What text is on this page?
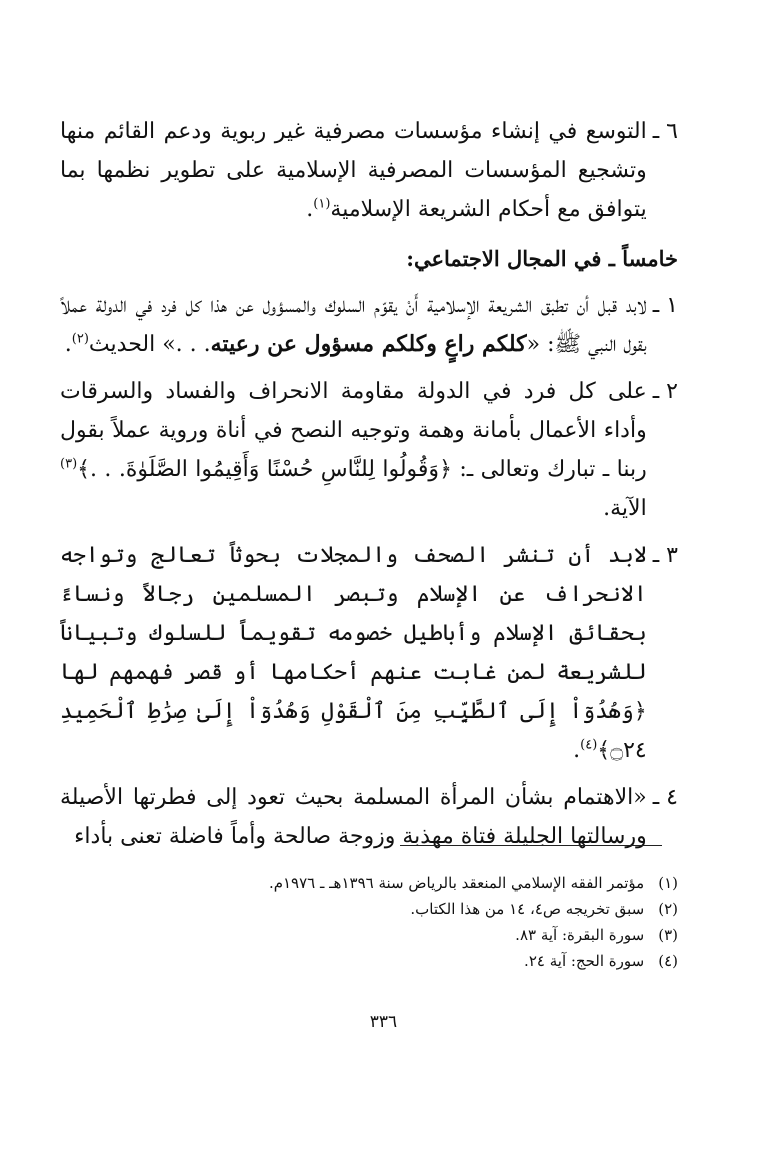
٦ ـ

التوسع في إنشاء مؤسسات مصرفية غير ربوية ودعم القائم منها وتشجيع المؤسسات المصرفية الإسلامية على تطوير نظمها بما يتوافق مع أحكام الشريعة الإسلامية$^{(١)}$.

خامساً ـ في المجال الاجتماعي:
١ ـ

لابد قبل أن تطبق الشريعة الإسلامية أَنْ يقوّم السلوك والمسؤول عن هذا كل فرد في الدولة عملاً بقول النبي ﷺ: «كلكم راعٍ وكلكم مسؤول عن رعيته. . .» الحديث$^{(٢)}$.

٢ ـ

على كل فرد في الدولة مقاومة الانحراف والفساد والسرقات وأداء الأعمال بأمانة وهمة وتوجيه النصح في أناة وروية عملاً بقول ربنا ـ تبارك وتعالى ـ: ﴿وَقُولُوا لِلنَّاسِ حُسْنًا وَأَقِيمُوا الصَّلَوٰةَ. . .﴾$^{(٣)}$ الآية.

٣ ـ

لابد أن تنشر الصحف والمجلات بحوثاً تعالج وتواجه الانحراف عن الإسلام وتبصر المسلمين رجالاً ونساءً بحقائق الإسلام وأباطيل خصومه تقويماً للسلوك وتبياناً للشريعة لمن غابت عنهم أحكامها أو قصر فهمهم لها ﴿وَهُدُوٓاْ إِلَى ٱلطَّيِّبِ مِنَ ٱلْقَوْلِ وَهُدُوٓاْ إِلَىٰ صِرَٰطِ ٱلْحَمِيدِ ۝٢٤﴾$^{(٤)}$.

٤ ـ

«الاهتمام بشأن المرأة المسلمة بحيث تعود إلى فطرتها الأصيلة ورسالتها الجليلة فتاة مهذبة وزوجة صالحة وأماً فاضلة تعنى بأداء

(١)
مؤتمر الفقه الإسلامي المنعقد بالرياض سنة ١٣٩٦هـ ـ ١٩٧٦م.
(٢)
سبق تخريجه ص٤، ١٤ من هذا الكتاب.
(٣)
سورة البقرة: آية ٨٣.
(٤)
سورة الحج: آية ٢٤.
٣٣٦
